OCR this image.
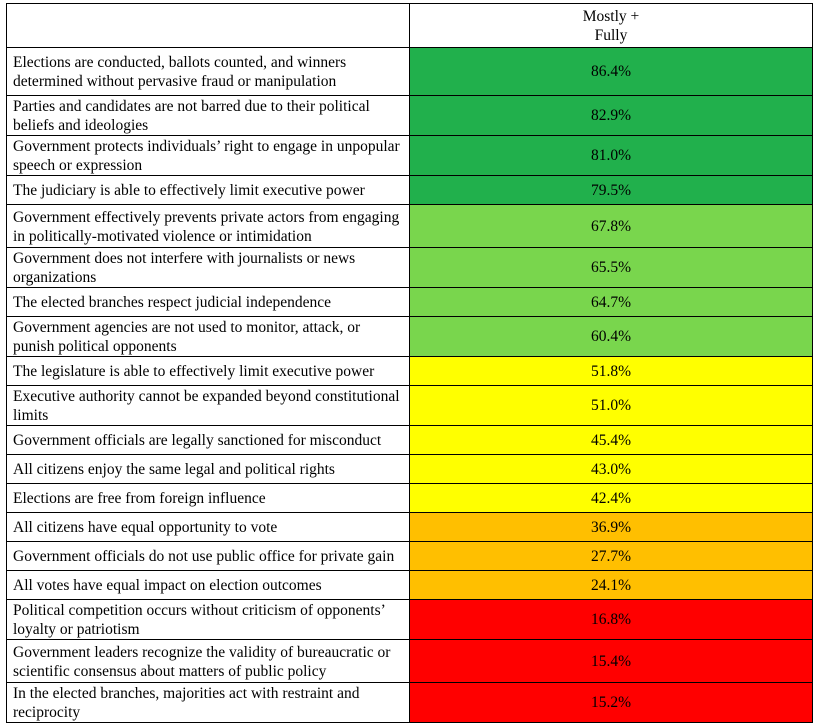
	Mostly +
Fully

Elections are conducted, ballots counted, and winners determined without pervasive fraud or manipulation	86.4%
Parties and candidates are not barred due to their political beliefs and ideologies	82.9%
Government protects individuals’ right to engage in unpopular speech or expression	81.0%
The judiciary is able to effectively limit executive power	79.5%
Government effectively prevents private actors from engaging in politically-motivated violence or intimidation	67.8%
Government does not interfere with journalists or news organizations	65.5%
The elected branches respect judicial independence	64.7%
Government agencies are not used to monitor, attack, or punish political opponents	60.4%
The legislature is able to effectively limit executive power	51.8%
Executive authority cannot be expanded beyond constitutional limits	51.0%
Government officials are legally sanctioned for misconduct	45.4%
All citizens enjoy the same legal and political rights	43.0%
Elections are free from foreign influence	42.4%
All citizens have equal opportunity to vote	36.9%
Government officials do not use public office for private gain	27.7%
All votes have equal impact on election outcomes	24.1%
Political competition occurs without criticism of opponents’ loyalty or patriotism	16.8%
Government leaders recognize the validity of bureaucratic or scientific consensus about matters of public policy	15.4%
In the elected branches, majorities act with restraint and reciprocity	15.2%
